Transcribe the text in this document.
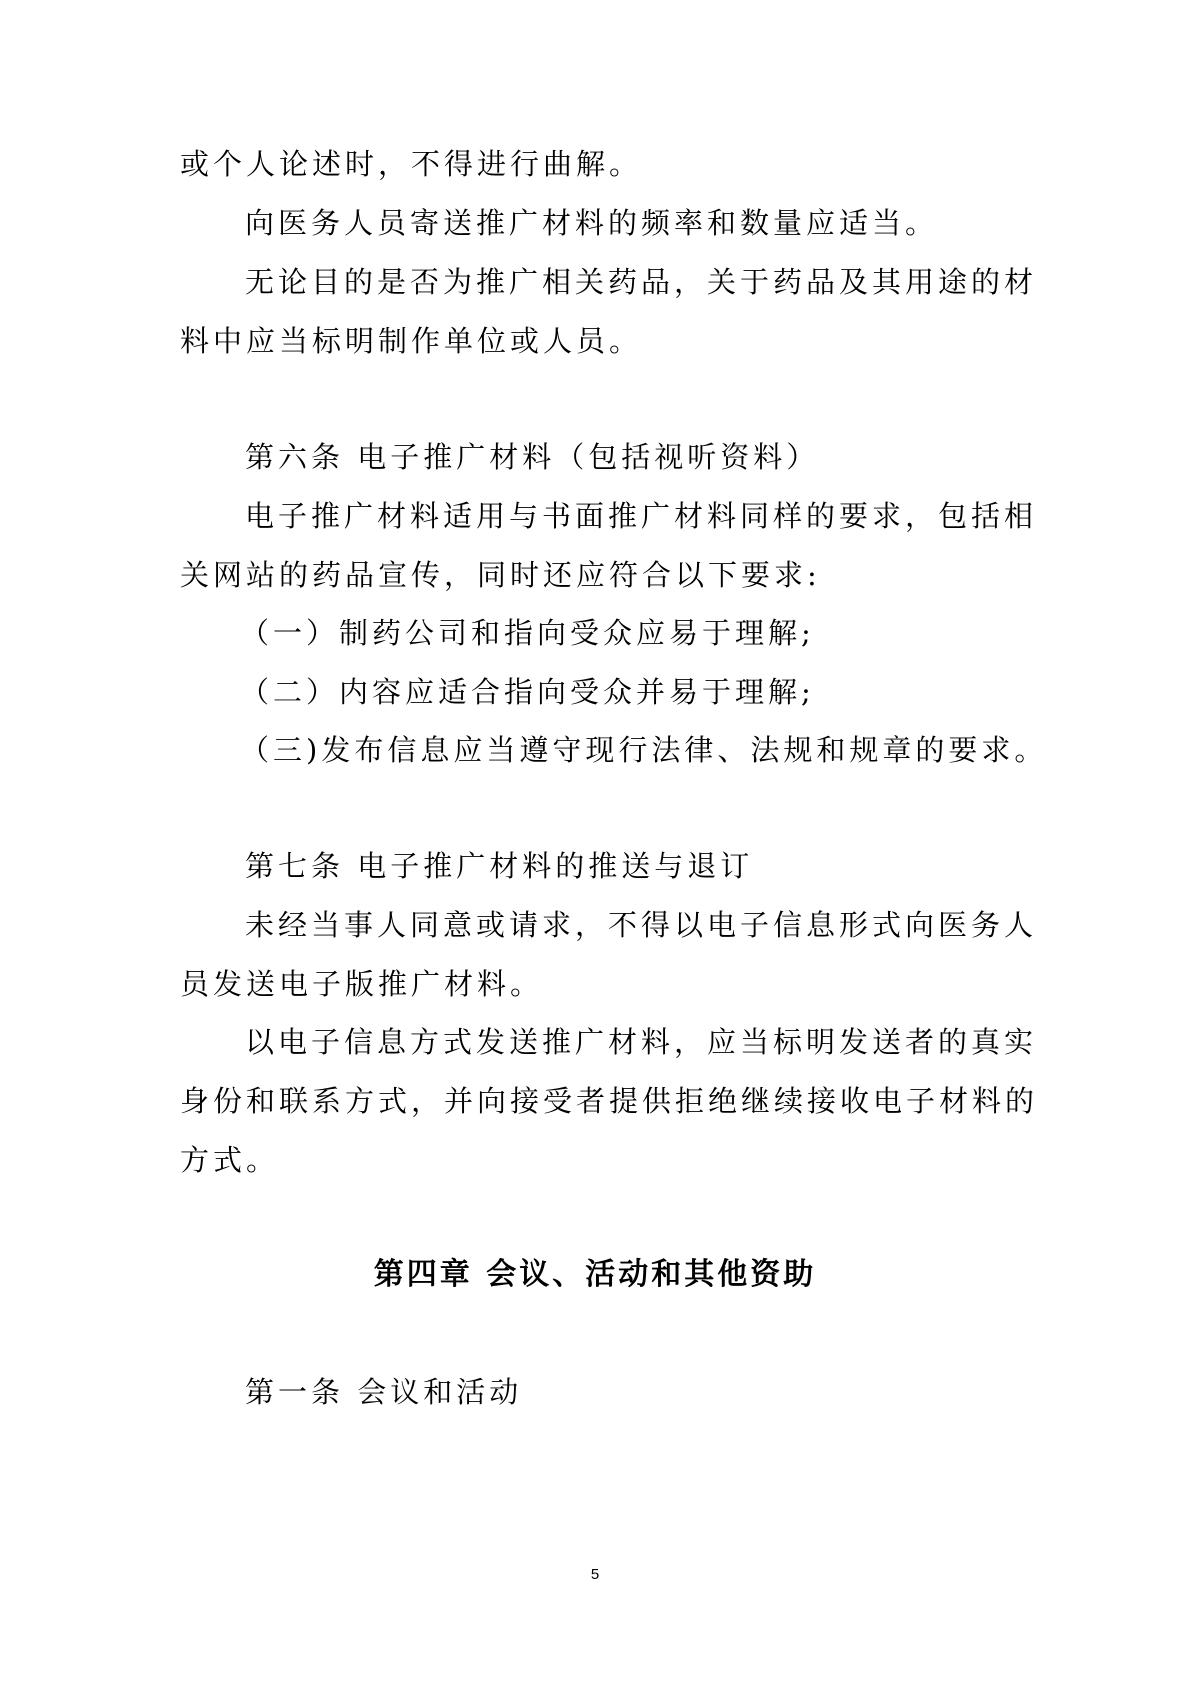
或个人论述时，不得进行曲解。
向医务人员寄送推广材料的频率和数量应适当。
无论目的是否为推广相关药品，关于药品及其用途的材
料中应当标明制作单位或人员。
第六条 电子推广材料（包括视听资料）
电子推广材料适用与书面推广材料同样的要求，包括相
关网站的药品宣传，同时还应符合以下要求:
（一）制药公司和指向受众应易于理解;
（二）内容应适合指向受众并易于理解;
（三)发布信息应当遵守现行法律、法规和规章的要求。
第七条 电子推广材料的推送与退订
未经当事人同意或请求，不得以电子信息形式向医务人
员发送电子版推广材料。
以电子信息方式发送推广材料，应当标明发送者的真实
身份和联系方式，并向接受者提供拒绝继续接收电子材料的
方式。
第四章 会议、活动和其他资助
第一条 会议和活动
5
